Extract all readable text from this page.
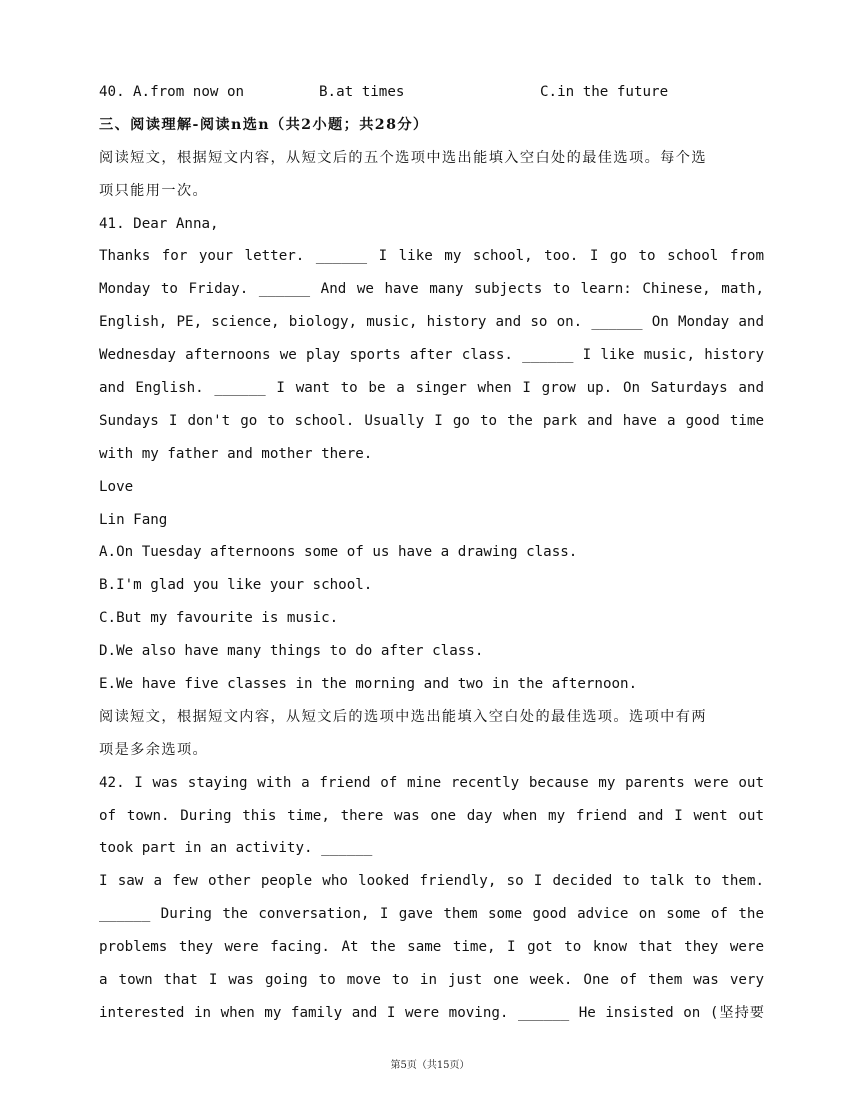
40. A.from now on	B.at times	C.in the future
三、阅读理解-阅读n选n（共2小题；共28分）
阅读短文，根据短文内容，从短文后的五个选项中选出能填入空白处的最佳选项。每个选
项只能用一次。
41. Dear Anna,
Thanks for your letter. ______ I like my school, too. I go to school from
Monday to Friday. ______ And we have many subjects to learn: Chinese, math,
English, PE, science, biology, music, history and so on. ______ On Monday and
Wednesday afternoons we play sports after class. ______ I like music, history
and English. ______ I want to be a singer when I grow up. On Saturdays and
Sundays I don't go to school. Usually I go to the park and have a good time
with my father and mother there.
Love
Lin Fang
A.On Tuesday afternoons some of us have a drawing class.
B.I'm glad you like your school.
C.But my favourite is music.
D.We also have many things to do after class.
E.We have five classes in the morning and two in the afternoon.
阅读短文，根据短文内容，从短文后的选项中选出能填入空白处的最佳选项。选项中有两
项是多余选项。
42. I was staying with a friend of mine recently because my parents were out
of town. During this time, there was one day when my friend and I went out
took part in an activity. ______
I saw a few other people who looked friendly, so I decided to talk to them.
______ During the conversation, I gave them some good advice on some of the
problems they were facing. At the same time, I got to know that they were
a town that I was going to move to in just one week. One of them was very
interested in when my family and I were moving. ______ He insisted on (坚持要
第5页（共15页）
